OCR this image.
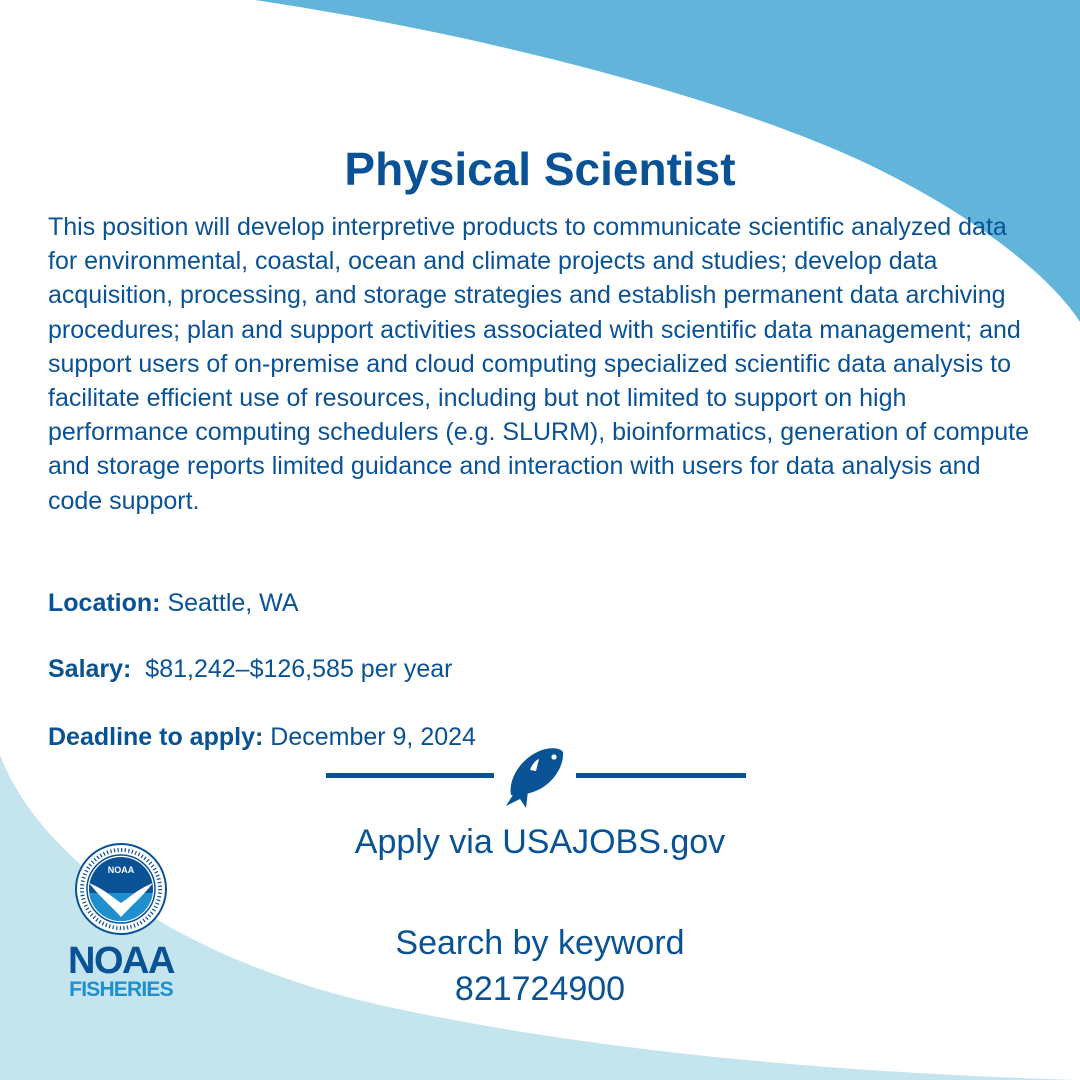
Physical Scientist

This position will develop interpretive products to communicate scientific analyzed data for environmental, coastal, ocean and climate projects and studies; develop data acquisition, processing, and storage strategies and establish permanent data archiving procedures; plan and support activities associated with scientific data management; and support users of on-premise and cloud computing specialized scientific data analysis to facilitate efficient use of resources, including but not limited to support on high performance computing schedulers (e.g. SLURM), bioinformatics, generation of compute and storage reports limited guidance and interaction with users for data analysis and code support.

Location: Seattle, WA

Salary: $81,242–$126,585 per year

Deadline to apply: December 9, 2024

Apply via USAJOBS.gov

Search by keyword
821724900

NOAA
NOAA
FISHERIES
